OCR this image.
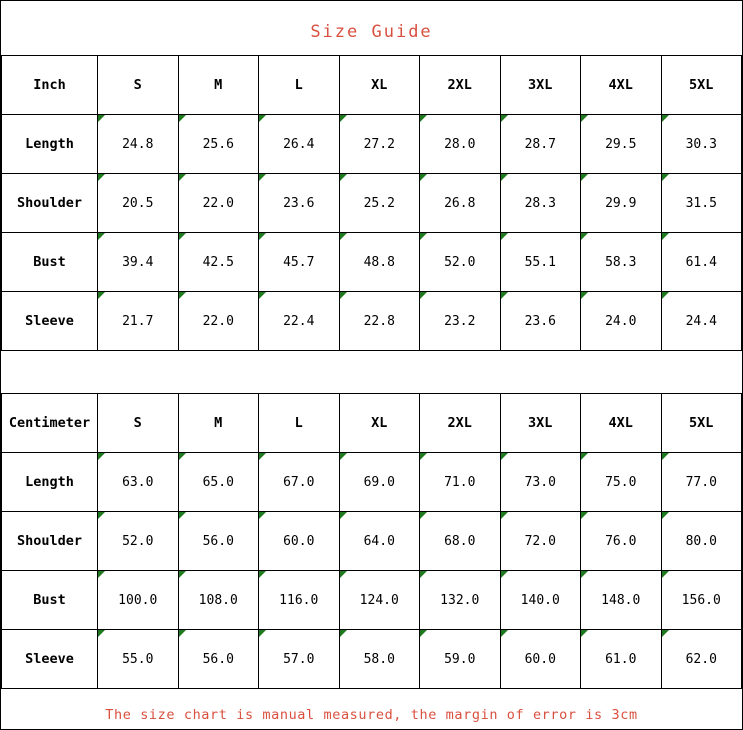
Size Guide
Inch	S	M	L	XL	2XL	3XL	4XL	5XL
Length	24.8	25.6	26.4	27.2	28.0	28.7	29.5	30.3
Shoulder	20.5	22.0	23.6	25.2	26.8	28.3	29.9	31.5
Bust	39.4	42.5	45.7	48.8	52.0	55.1	58.3	61.4
Sleeve	21.7	22.0	22.4	22.8	23.2	23.6	24.0	24.4
Centimeter	S	M	L	XL	2XL	3XL	4XL	5XL
Length	63.0	65.0	67.0	69.0	71.0	73.0	75.0	77.0
Shoulder	52.0	56.0	60.0	64.0	68.0	72.0	76.0	80.0
Bust	100.0	108.0	116.0	124.0	132.0	140.0	148.0	156.0
Sleeve	55.0	56.0	57.0	58.0	59.0	60.0	61.0	62.0
The size chart is manual measured, the margin of error is 3cm
